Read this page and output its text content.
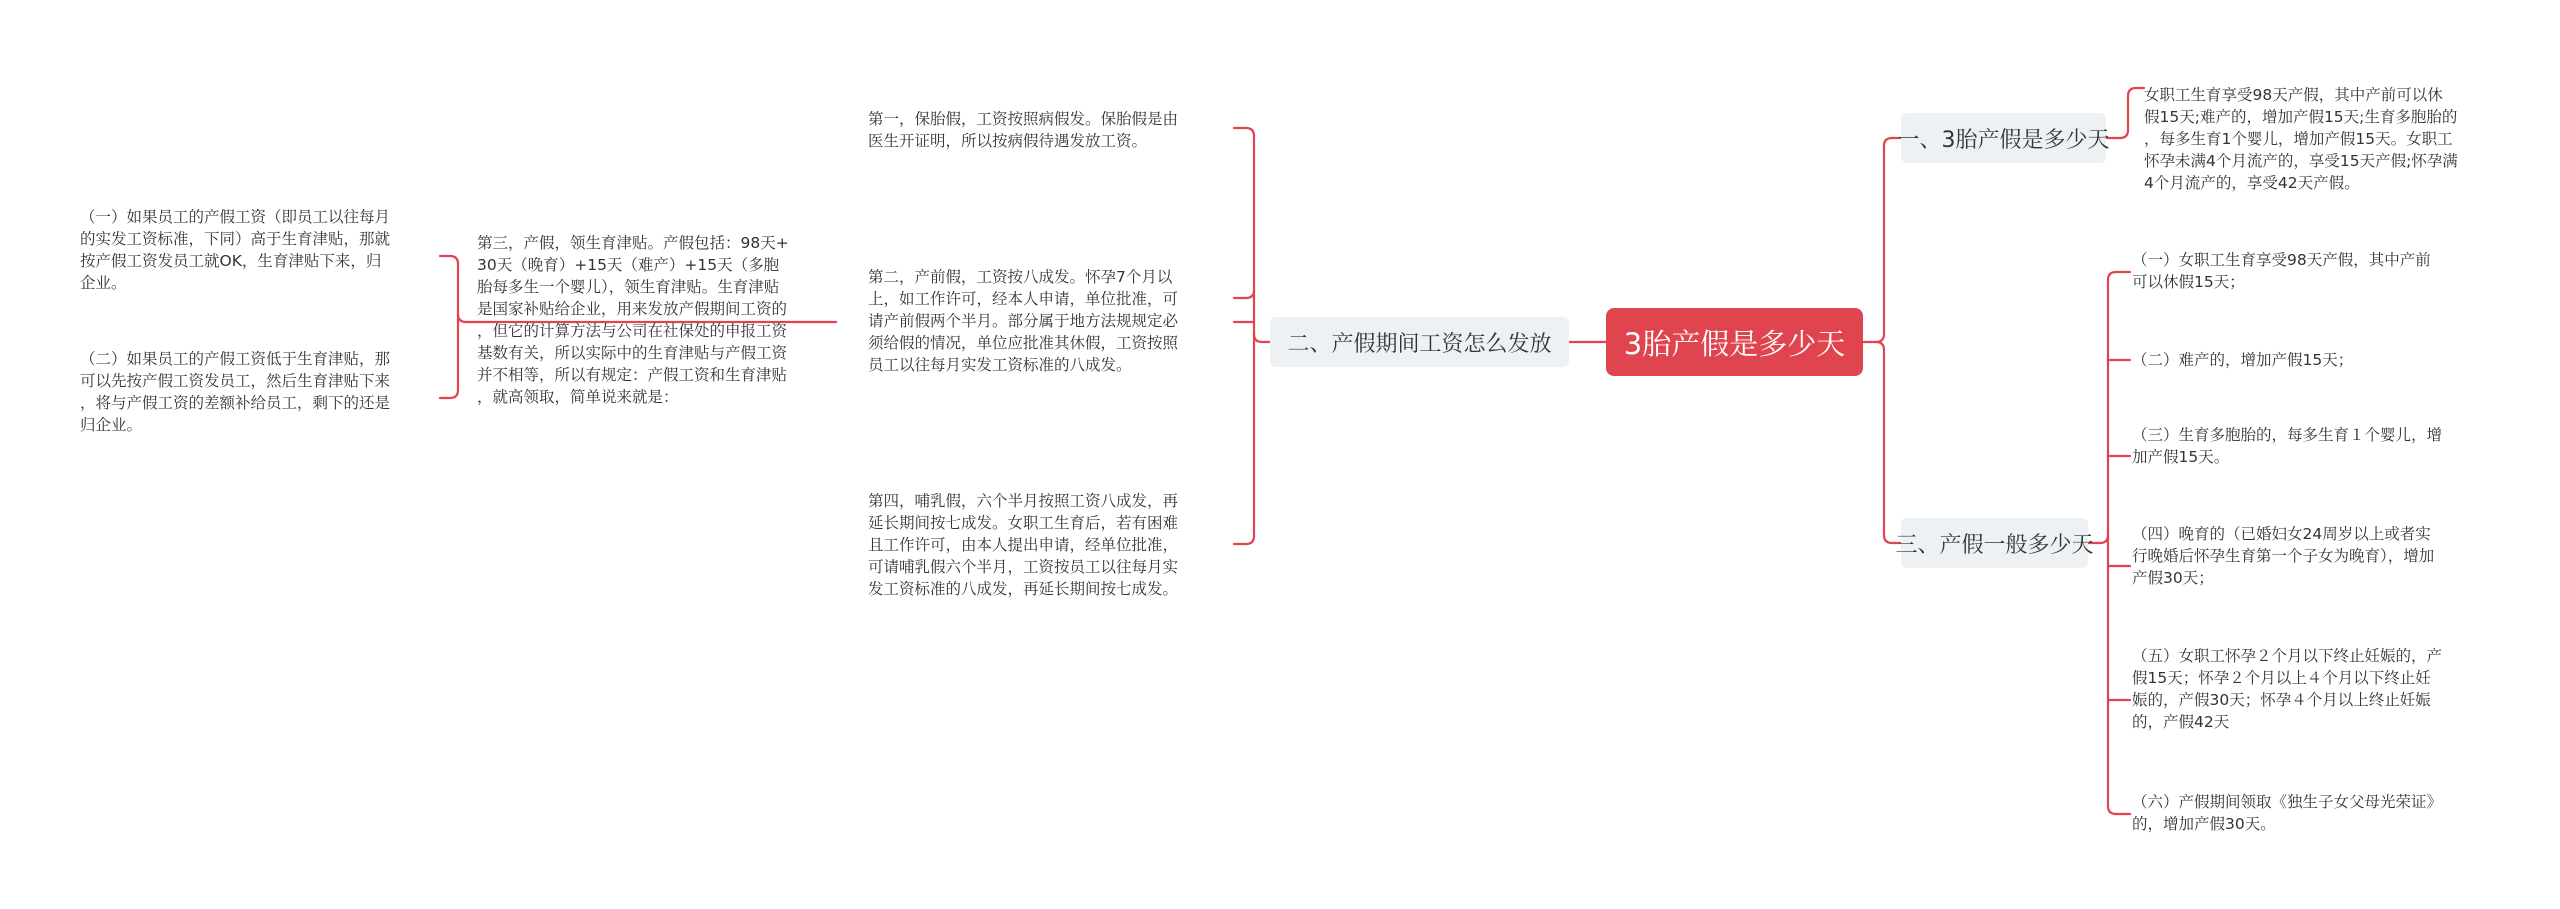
3胎产假是多少天
一、3胎产假是多少天
三、产假一般多少天
二、产假期间工资怎么发放
女职工生育享受98天产假，其中产前可以休
假15天;难产的，增加产假15天;生育多胞胎的
，每多生育1个婴儿，增加产假15天。女职工
怀孕未满4个月流产的，享受15天产假;怀孕满
4个月流产的，享受42天产假。
（一）女职工生育享受98天产假，其中产前
可以休假15天；
（二）难产的，增加产假15天；
（三）生育多胞胎的，每多生育１个婴儿，增
加产假15天。
（四）晚育的（已婚妇女24周岁以上或者实
行晚婚后怀孕生育第一个子女为晚育），增加
产假30天；
（五）女职工怀孕２个月以下终止妊娠的，产
假15天；怀孕２个月以上４个月以下终止妊
娠的，产假30天；怀孕４个月以上终止妊娠
的，产假42天
（六）产假期间领取《独生子女父母光荣证》
的，增加产假30天。
第一，保胎假，工资按照病假发。保胎假是由
医生开证明，所以按病假待遇发放工资。
第二，产前假，工资按八成发。怀孕7个月以
上，如工作许可，经本人申请，单位批准，可
请产前假两个半月。部分属于地方法规规定必
须给假的情况，单位应批准其休假，工资按照
员工以往每月实发工资标准的八成发。
第三，产假，领生育津贴。产假包括：98天+
30天（晚育）+15天（难产）+15天（多胞
胎每多生一个婴儿），领生育津贴。生育津贴
是国家补贴给企业，用来发放产假期间工资的
，但它的计算方法与公司在社保处的申报工资
基数有关，所以实际中的生育津贴与产假工资
并不相等，所以有规定：产假工资和生育津贴
，就高领取，简单说来就是：
第四，哺乳假，六个半月按照工资八成发，再
延长期间按七成发。女职工生育后，若有困难
且工作许可，由本人提出申请，经单位批准，
可请哺乳假六个半月，工资按员工以往每月实
发工资标准的八成发，再延长期间按七成发。
（一）如果员工的产假工资（即员工以往每月
的实发工资标准，下同）高于生育津贴，那就
按产假工资发员工就OK，生育津贴下来，归
企业。
（二）如果员工的产假工资低于生育津贴，那
可以先按产假工资发员工，然后生育津贴下来
，将与产假工资的差额补给员工，剩下的还是
归企业。
